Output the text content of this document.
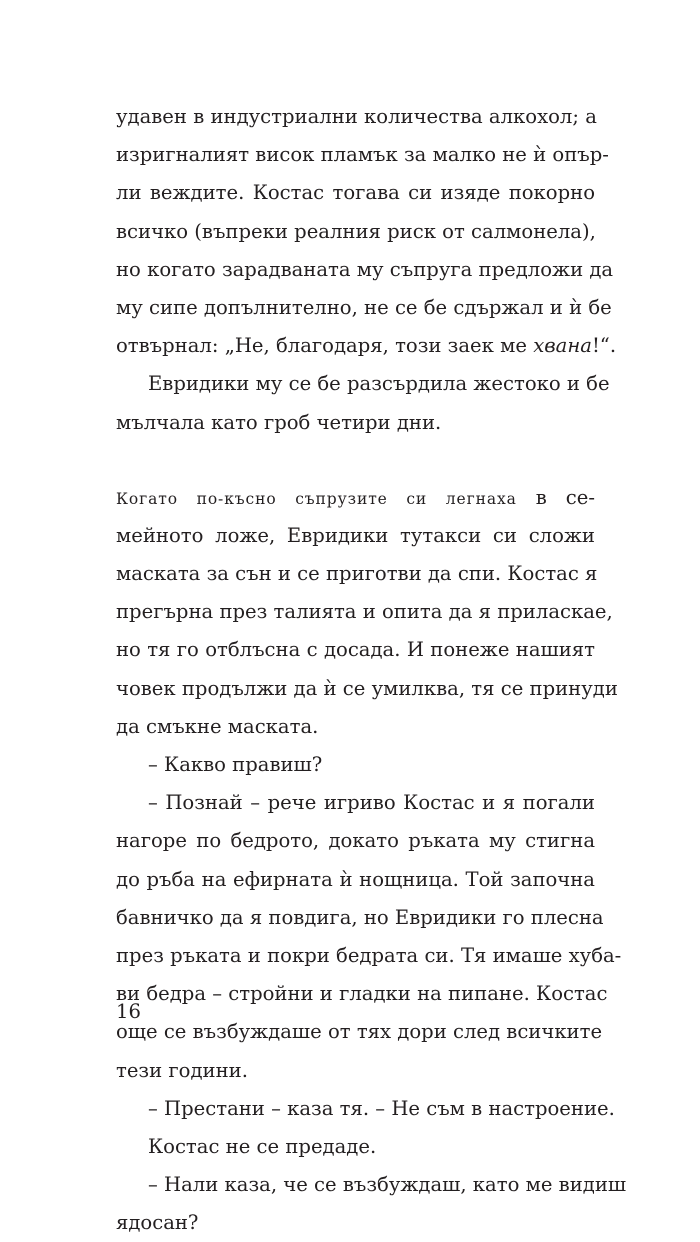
удавен в индустриални количества алкохол; а
изригналият висок пламък за малко не ѝ опър-
ли веждите. Костас тогава си изяде покорно
всичко (въпреки реалния риск от салмонела),
но когато зарадваната му съпруга предложи да
му сипе допълнително, не се бе сдържал и ѝ бе
отвърнал: „Не, благодаря, този заек ме хвана!“.
Евридики му се бе разсърдила жестоко и бе
мълчала като гроб четири дни.
Когато по-късно съпрузите си легнаха в се-
мейното ложе, Евридики тутакси си сложи
маската за сън и се приготви да спи. Костас я
прегърна през талията и опита да я приласкае,
но тя го отблъсна с досада. И понеже нашият
човек продължи да ѝ се умилква, тя се принуди
да смъкне маската.
– Какво правиш?
– Познай – рече игриво Костас и я погали
нагоре по бедрото, докато ръката му стигна
до ръба на ефирната ѝ нощница. Той започна
бавничко да я повдига, но Евридики го плесна
през ръката и покри бедрата си. Тя имаше хуба-
ви бедра – стройни и гладки на пипане. Костас
още се възбуждаше от тях дори след всичките
тези години.
– Престани – каза тя. – Не съм в настроение.
Костас не се предаде.
– Нали каза, че се възбуждаш, като ме видиш
ядосан?
16
